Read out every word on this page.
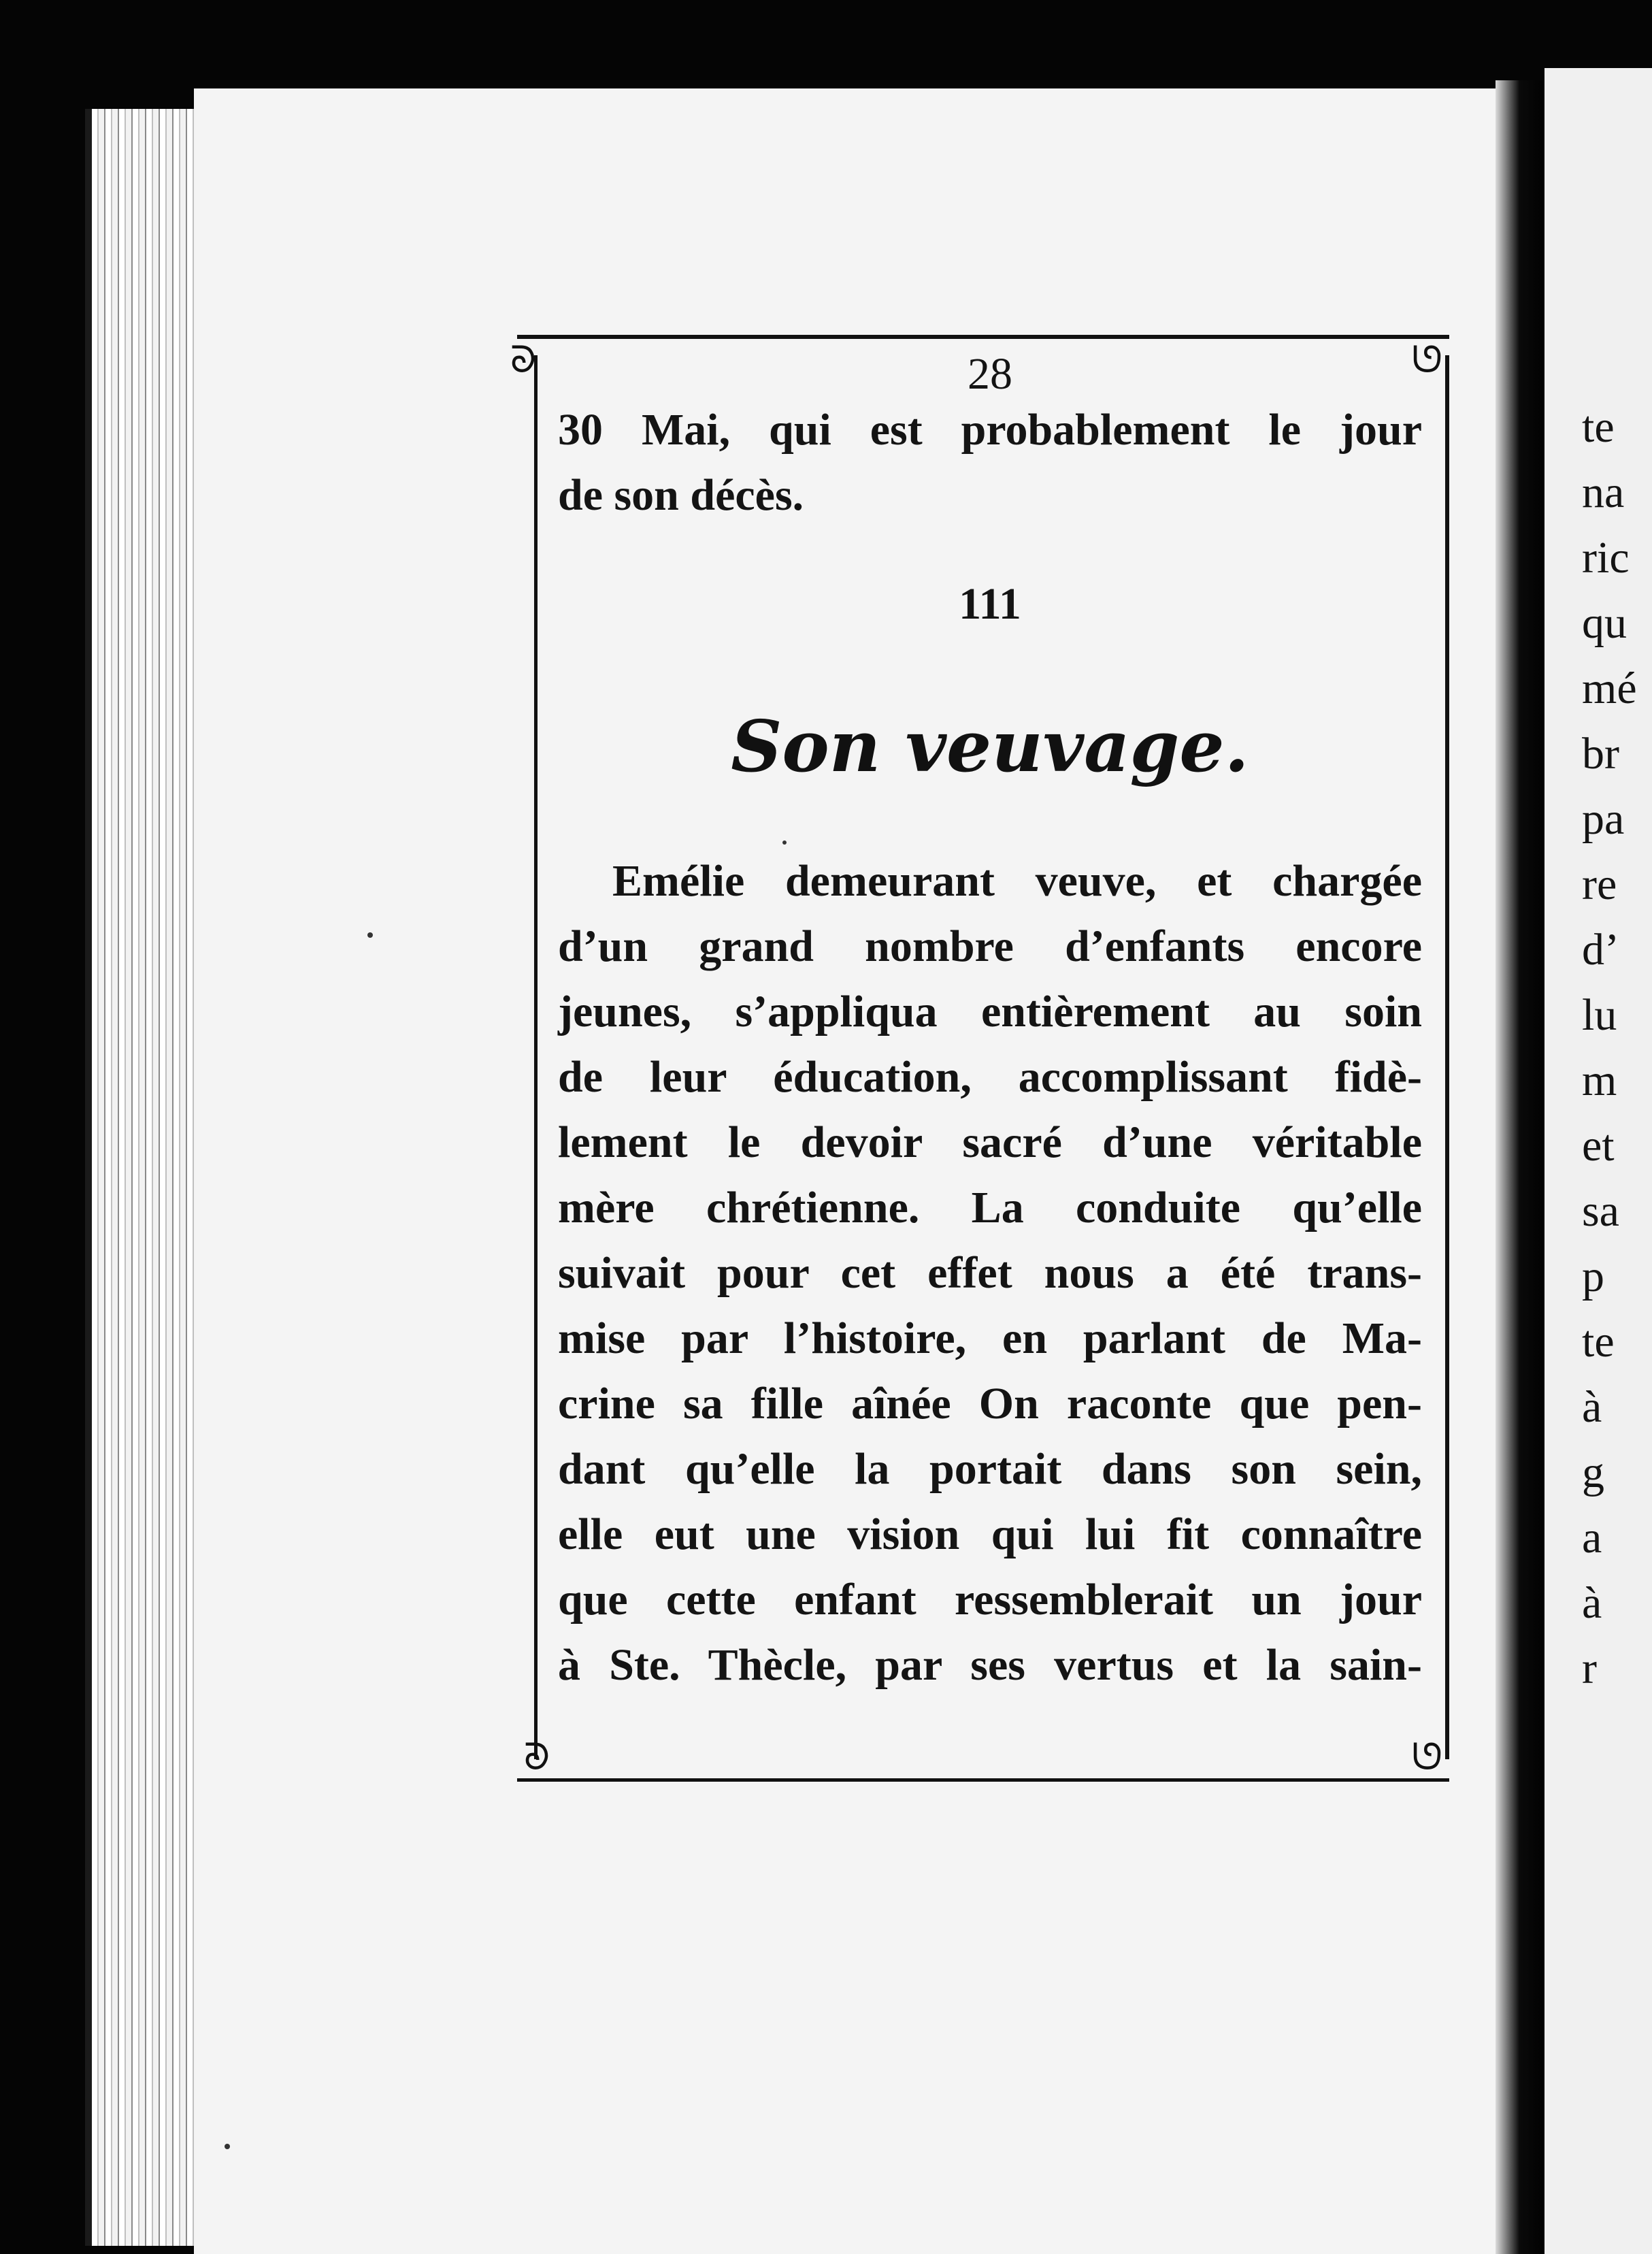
te
na
ric
qu
mé
br
pa
re
d’
lu
m
et
sa
p
te
à
g
a
à
r
ᘐ	ᘎ
ᘐ	ᘎ
28
30 Mai, qui est probablement le jour
de son décès.
111
Son veuvage.
Emélie demeurant veuve, et chargée
d’un grand nombre d’enfants encore
jeunes, s’appliqua entièrement au soin
de leur éducation, accomplissant fidè-
lement le devoir sacré d’une véritable
mère chrétienne. La conduite qu’elle
suivait pour cet effet nous a été trans-
mise par l’histoire, en parlant de Ma-
crine sa fille aînée On raconte que pen-
dant qu’elle la portait dans son sein,
elle eut une vision qui lui fit connaître
que cette enfant ressemblerait un jour
à Ste. Thècle, par ses vertus et la sain-
